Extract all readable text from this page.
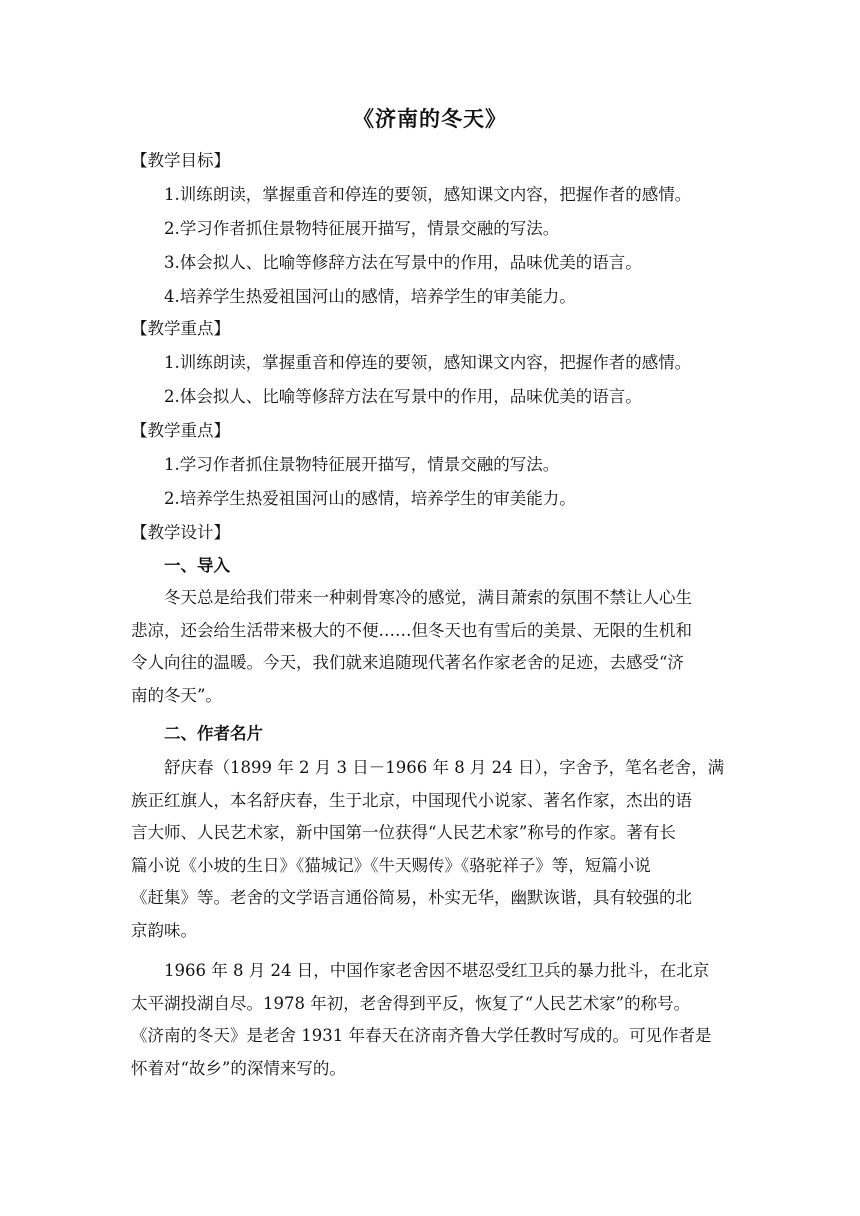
《济南的冬天》
【教学目标】
1.训练朗读，掌握重音和停连的要领，感知课文内容，把握作者的感情。
2.学习作者抓住景物特征展开描写，情景交融的写法。
3.体会拟人、比喻等修辞方法在写景中的作用，品味优美的语言。
4.培养学生热爱祖国河山的感情，培养学生的审美能力。
【教学重点】
1.训练朗读，掌握重音和停连的要领，感知课文内容，把握作者的感情。
2.体会拟人、比喻等修辞方法在写景中的作用，品味优美的语言。
【教学重点】
1.学习作者抓住景物特征展开描写，情景交融的写法。
2.培养学生热爱祖国河山的感情，培养学生的审美能力。
【教学设计】
一、导入
冬天总是给我们带来一种刺骨寒冷的感觉，满目萧索的氛围不禁让人心生
悲凉，还会给生活带来极大的不便……但冬天也有雪后的美景、无限的生机和
令人向往的温暖。今天，我们就来追随现代著名作家老舍的足迹，去感受“济
南的冬天”。
二、作者名片
舒庆春（1899 年 2 月 3 日－1966 年 8 月 24 日），字舍予，笔名老舍，满
族正红旗人，本名舒庆春，生于北京，中国现代小说家、著名作家，杰出的语
言大师、人民艺术家，新中国第一位获得“人民艺术家”称号的作家。著有长
篇小说《小坡的生日》《猫城记》《牛天赐传》《骆驼祥子》等，短篇小说
《赶集》等。老舍的文学语言通俗简易，朴实无华，幽默诙谐，具有较强的北
京韵味。
1966 年 8 月 24 日，中国作家老舍因不堪忍受红卫兵的暴力批斗，在北京
太平湖投湖自尽。1978 年初，老舍得到平反，恢复了“人民艺术家”的称号。
《济南的冬天》是老舍 1931 年春天在济南齐鲁大学任教时写成的。可见作者是
怀着对“故乡”的深情来写的。
